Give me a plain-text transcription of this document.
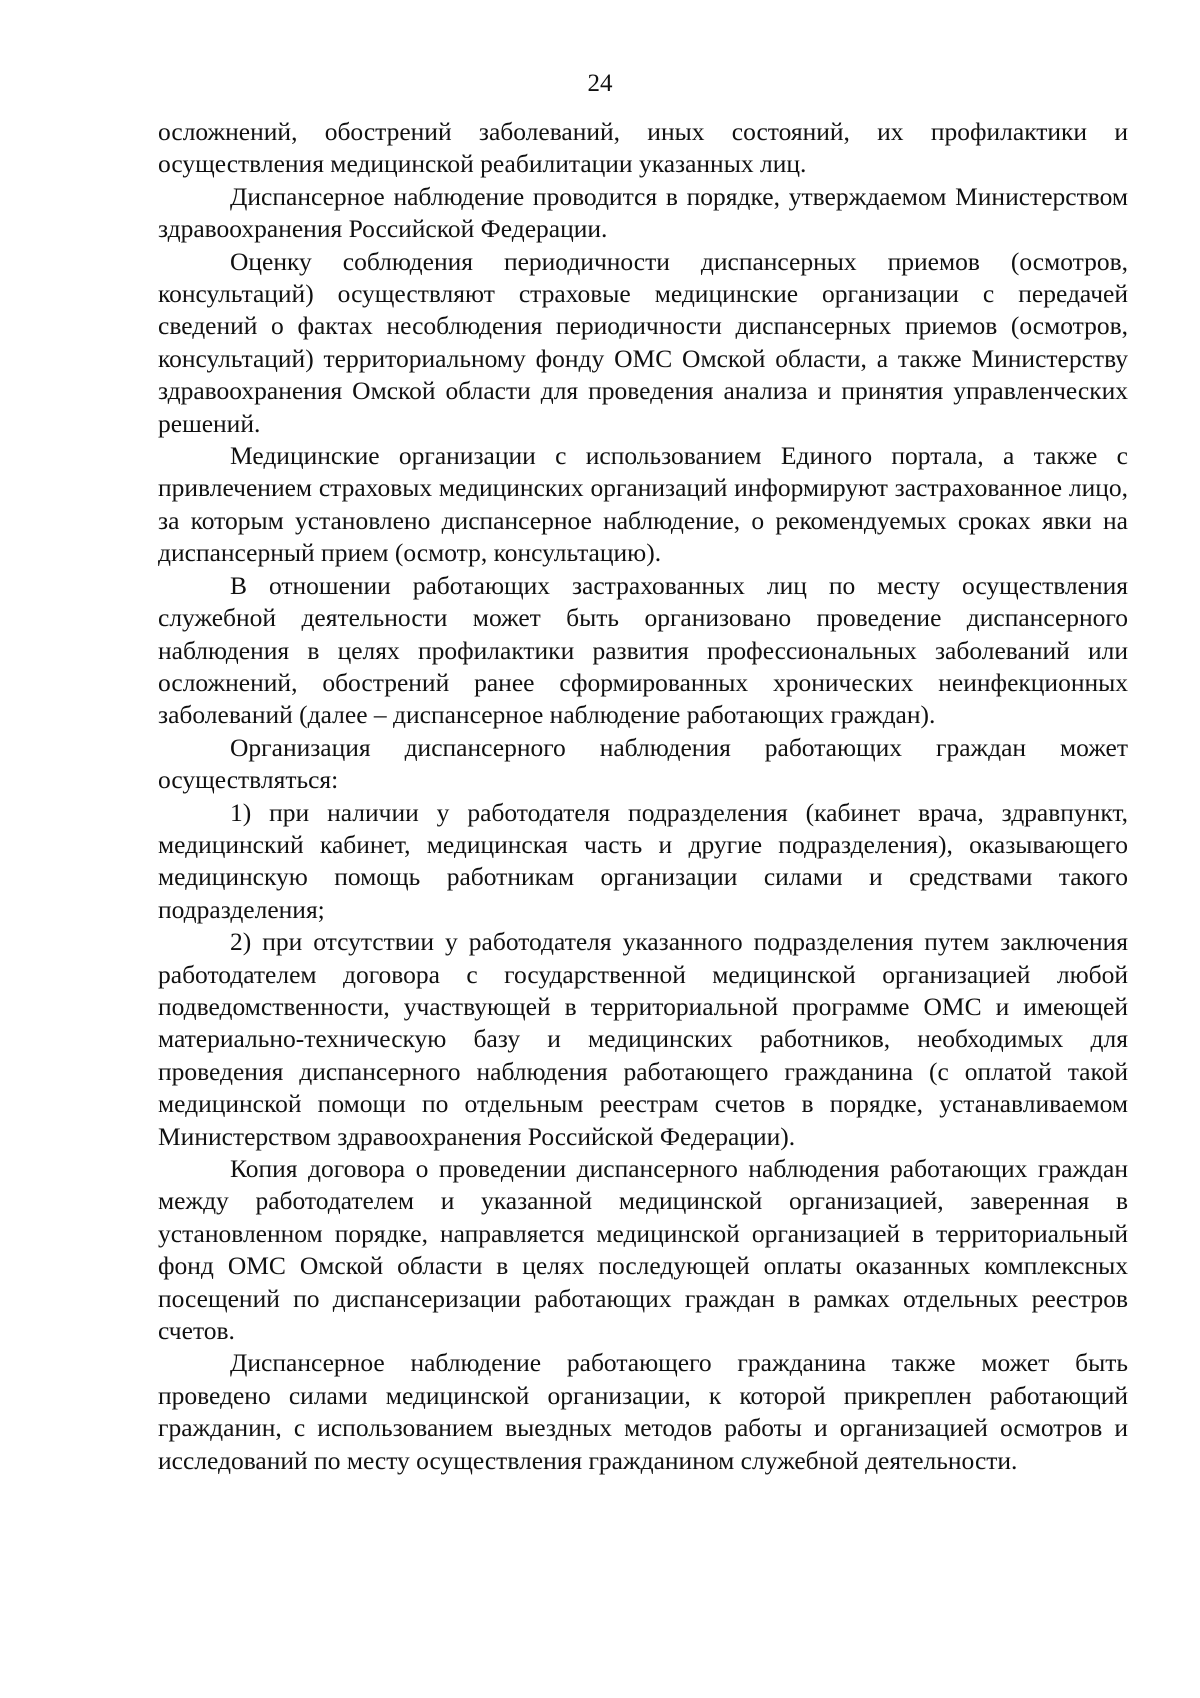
24

осложнений, обострений заболеваний, иных состояний, их профилактики и осуществления медицинской реабилитации указанных лиц.

Диспансерное наблюдение проводится в порядке, утверждаемом Министерством здравоохранения Российской Федерации.

Оценку соблюдения периодичности диспансерных приемов (осмотров, консультаций) осуществляют страховые медицинские организации с передачей сведений о фактах несоблюдения периодичности диспансерных приемов (осмотров, консультаций) территориальному фонду ОМС Омской области, а также Министерству здравоохранения Омской области для проведения анализа и принятия управленческих решений.

Медицинские организации с использованием Единого портала, а также с привлечением страховых медицинских организаций информируют застрахованное лицо, за которым установлено диспансерное наблюдение, о рекомендуемых сроках явки на диспансерный прием (осмотр, консультацию).

В отношении работающих застрахованных лиц по месту осуществления служебной деятельности может быть организовано проведение диспансерного наблюдения в целях профилактики развития профессиональных заболеваний или осложнений, обострений ранее сформированных хронических неинфекционных заболеваний (далее – диспансерное наблюдение работающих граждан).

Организация диспансерного наблюдения работающих граждан может осуществляться:

1) при наличии у работодателя подразделения (кабинет врача, здравпункт, медицинский кабинет, медицинская часть и другие подразделения), оказывающего медицинскую помощь работникам организации силами и средствами такого подразделения;

2) при отсутствии у работодателя указанного подразделения путем заключения работодателем договора с государственной медицинской организацией любой подведомственности, участвующей в территориальной программе ОМС и имеющей материально-техническую базу и медицинских работников, необходимых для проведения диспансерного наблюдения работающего гражданина (с оплатой такой медицинской помощи по отдельным реестрам счетов в порядке, устанавливаемом Министерством здравоохранения Российской Федерации).

Копия договора о проведении диспансерного наблюдения работающих граждан между работодателем и указанной медицинской организацией, заверенная в установленном порядке, направляется медицинской организацией в территориальный фонд ОМС Омской области в целях последующей оплаты оказанных комплексных посещений по диспансеризации работающих граждан в рамках отдельных реестров счетов.

Диспансерное наблюдение работающего гражданина также может быть проведено силами медицинской организации, к которой прикреплен работающий гражданин, с использованием выездных методов работы и организацией осмотров и исследований по месту осуществления гражданином служебной деятельности.
